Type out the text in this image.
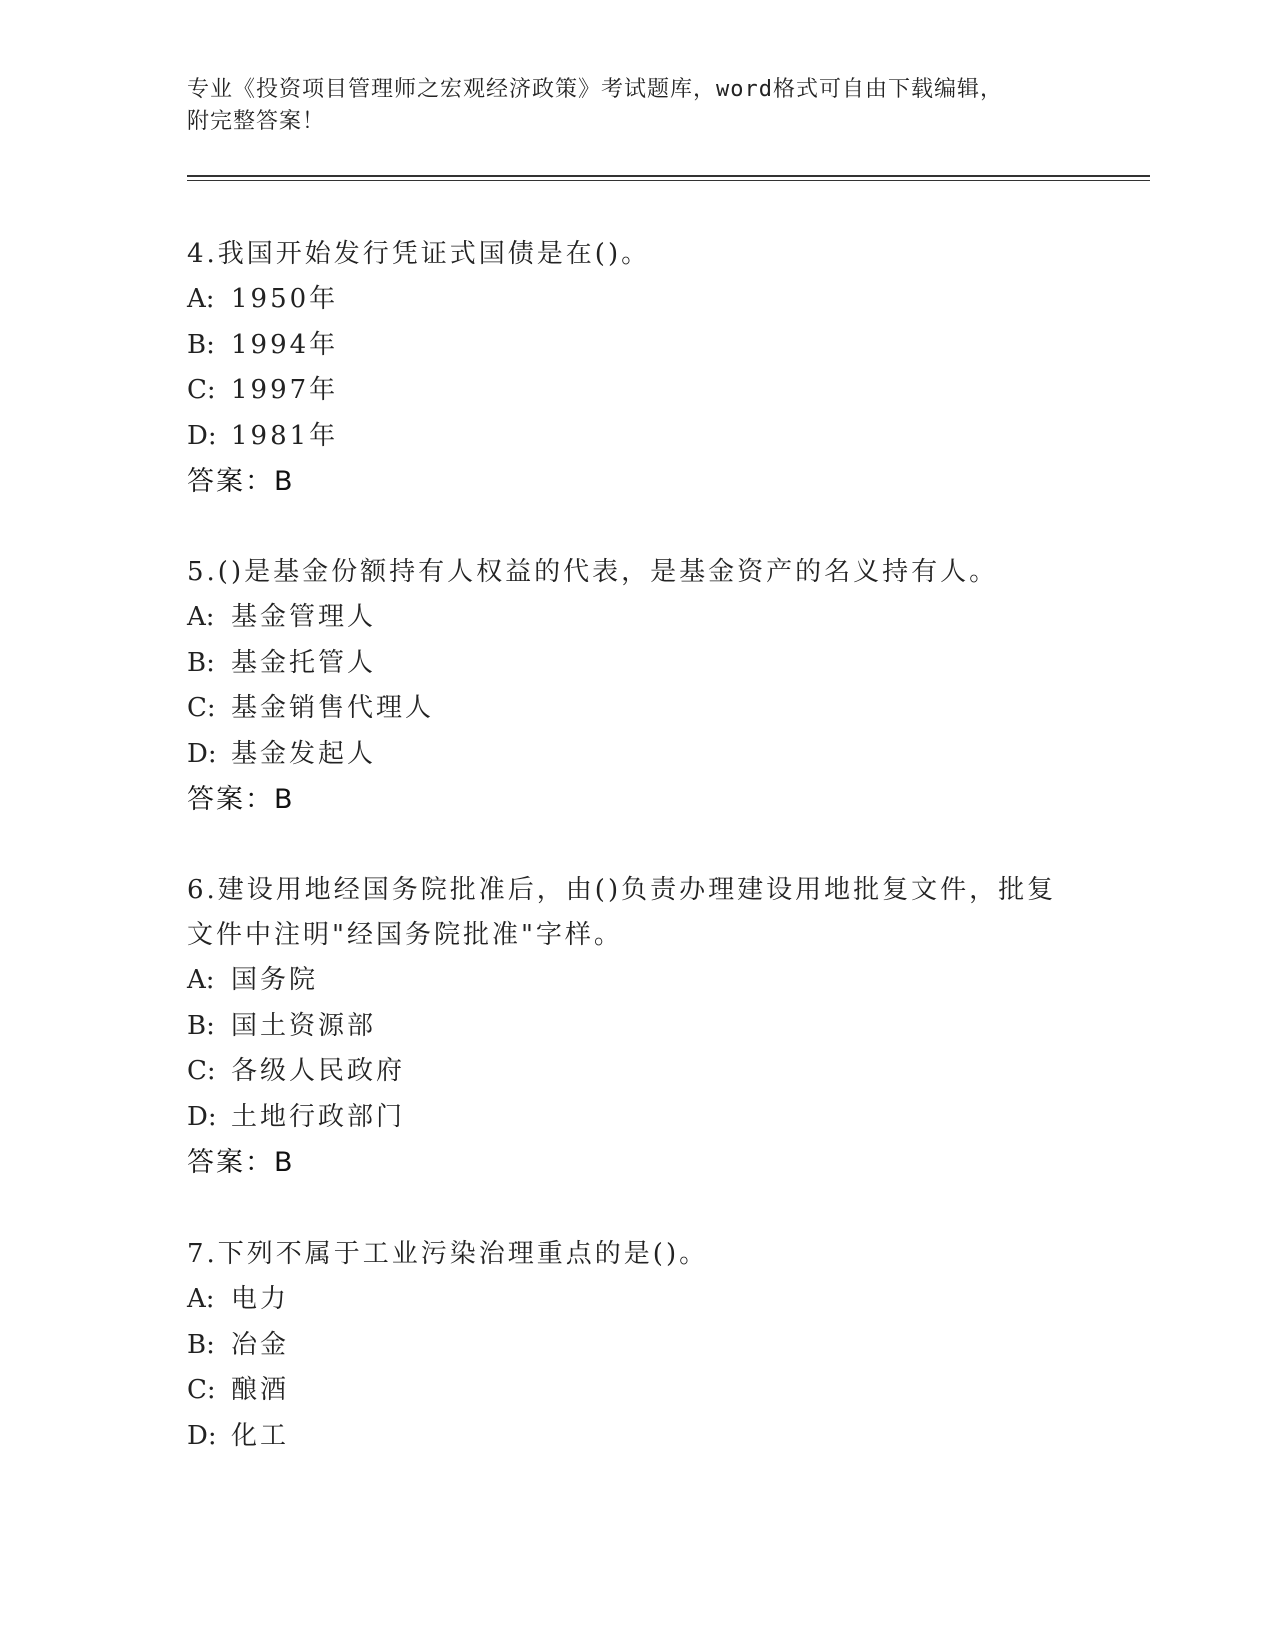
专业《投资项目管理师之宏观经济政策》考试题库，word格式可自由下载编辑，
附完整答案！
4.我国开始发行凭证式国债是在()。
A: 1950年
B: 1994年
C: 1997年
D: 1981年
答案：B
5.()是基金份额持有人权益的代表，是基金资产的名义持有人。
A: 基金管理人
B: 基金托管人
C: 基金销售代理人
D: 基金发起人
答案：B
6.建设用地经国务院批准后，由()负责办理建设用地批复文件，批复
文件中注明"经国务院批准"字样。
A: 国务院
B: 国土资源部
C: 各级人民政府
D: 土地行政部门
答案：B
7.下列不属于工业污染治理重点的是()。
A: 电力
B: 冶金
C: 酿酒
D: 化工
